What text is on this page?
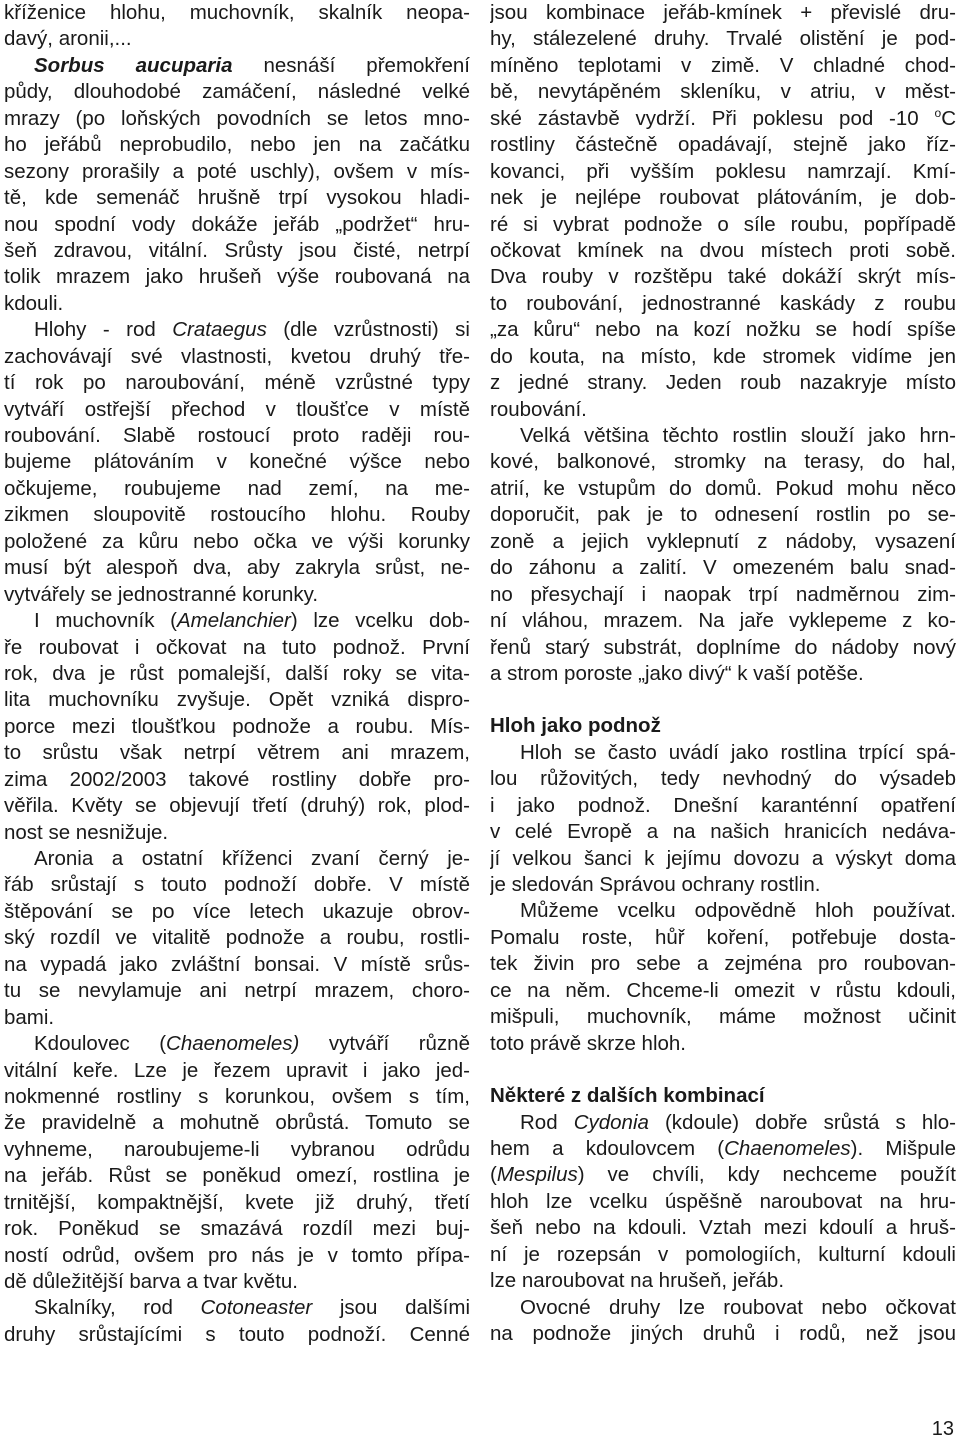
kříženice hlohu, muchovník, skalník neopa-
davý, aronii,...
Sorbus aucuparia nesnáší přemokření
půdy, dlouhodobé zamáčení, následné velké
mrazy (po loňských povodních se letos mno-
ho jeřábů neprobudilo, nebo jen na začátku
sezony prorašily a poté uschly), ovšem v mís-
tě, kde semenáč hrušně trpí vysokou hladi-
nou spodní vody dokáže jeřáb „podržet“ hru-
šeň zdravou, vitální. Srůsty jsou čisté, netrpí
tolik mrazem jako hrušeň výše roubovaná na
kdouli.
Hlohy - rod Crataegus (dle vzrůstnosti) si
zachovávají své vlastnosti, kvetou druhý tře-
tí rok po naroubování, méně vzrůstné typy
vytváří ostřejší přechod v tloušťce v místě
roubování. Slabě rostoucí proto raději rou-
bujeme plátováním v konečné výšce nebo
očkujeme, roubujeme nad zemí, na me-
zikmen sloupovitě rostoucího hlohu. Rouby
položené za kůru nebo očka ve výši korunky
musí být alespoň dva, aby zakryla srůst, ne-
vytvářely se jednostranné korunky.
I muchovník (Amelanchier) lze vcelku dob-
ře roubovat i očkovat na tuto podnož. První
rok, dva je růst pomalejší, další roky se vita-
lita muchovníku zvyšuje. Opět vzniká dispro-
porce mezi tloušťkou podnože a roubu. Mís-
to srůstu však netrpí větrem ani mrazem,
zima 2002/2003 takové rostliny dobře pro-
věřila. Květy se objevují třetí (druhý) rok, plod-
nost se nesnižuje.
Aronia a ostatní kříženci zvaní černý je-
řáb srůstají s touto podnoží dobře. V místě
štěpování se po více letech ukazuje obrov-
ský rozdíl ve vitalitě podnože a roubu, rostli-
na vypadá jako zvláštní bonsai. V místě srůs-
tu se nevylamuje ani netrpí mrazem, choro-
bami.
Kdoulovec (Chaenomeles) vytváří různě
vitální keře. Lze je řezem upravit i jako jed-
nokmenné rostliny s korunkou, ovšem s tím,
že pravidelně a mohutně obrůstá. Tomuto se
vyhneme, naroubujeme-li vybranou odrůdu
na jeřáb. Růst se poněkud omezí, rostlina je
trnitější, kompaktnější, kvete již druhý, třetí
rok. Poněkud se smazává rozdíl mezi buj-
ností odrůd, ovšem pro nás je v tomto přípa-
dě důležitější barva a tvar květu.
Skalníky, rod Cotoneaster jsou dalšími
druhy srůstajícími s touto podnoží. Cenné
jsou kombinace jeřáb-kmínek + převislé dru-
hy, stálezelené druhy. Trvalé olistění je pod-
míněno teplotami v zimě. V chladné chod-
bě, nevytápěném skleníku, v atriu, v měst-
ské zástavbě vydrží. Při poklesu pod -10 $^o$C
rostliny částečně opadávají, stejně jako říz-
kovanci, při vyšším poklesu namrzají. Kmí-
nek je nejlépe roubovat plátováním, je dob-
ré si vybrat podnože o síle roubu, popřípadě
očkovat kmínek na dvou místech proti sobě.
Dva rouby v rozštěpu také dokáží skrýt mís-
to roubování, jednostranné kaskády z roubu
„za kůru“ nebo na kozí nožku se hodí spíše
do kouta, na místo, kde stromek vidíme jen
z jedné strany. Jeden roub nazakryje místo
roubování.
Velká většina těchto rostlin slouží jako hrn-
kové, balkonové, stromky na terasy, do hal,
atrií, ke vstupům do domů. Pokud mohu něco
doporučit, pak je to odnesení rostlin po se-
zoně a jejich vyklepnutí z nádoby, vysazení
do záhonu a zalití. V omezeném balu snad-
no přesychají i naopak trpí nadměrnou zim-
ní vláhou, mrazem. Na jaře vyklepeme z ko-
řenů starý substrát, doplníme do nádoby nový
a strom poroste „jako divý“ k vaší potěše.
Hloh jako podnož
Hloh se často uvádí jako rostlina trpící spá-
lou růžovitých, tedy nevhodný do výsadeb
i jako podnož. Dnešní karanténní opatření
v celé Evropě a na našich hranicích nedáva-
jí velkou šanci k jejímu dovozu a výskyt doma
je sledován Správou ochrany rostlin.
Můžeme vcelku odpovědně hloh používat.
Pomalu roste, hůř koření, potřebuje dosta-
tek živin pro sebe a zejména pro roubovan-
ce na něm. Chceme-li omezit v růstu kdouli,
mišpuli, muchovník, máme možnost učinit
toto právě skrze hloh.
Některé z dalších kombinací
Rod Cydonia (kdoule) dobře srůstá s hlo-
hem a kdoulovcem (Chaenomeles). Mišpule
(Mespilus) ve chvíli, kdy nechceme použít
hloh lze vcelku úspěšně naroubovat na hru-
šeň nebo na kdouli. Vztah mezi kdoulí a hruš-
ní je rozepsán v pomologiích, kulturní kdouli
lze naroubovat na hrušeň, jeřáb.
Ovocné druhy lze roubovat nebo očkovat
na podnože jiných druhů i rodů, než jsou
13
